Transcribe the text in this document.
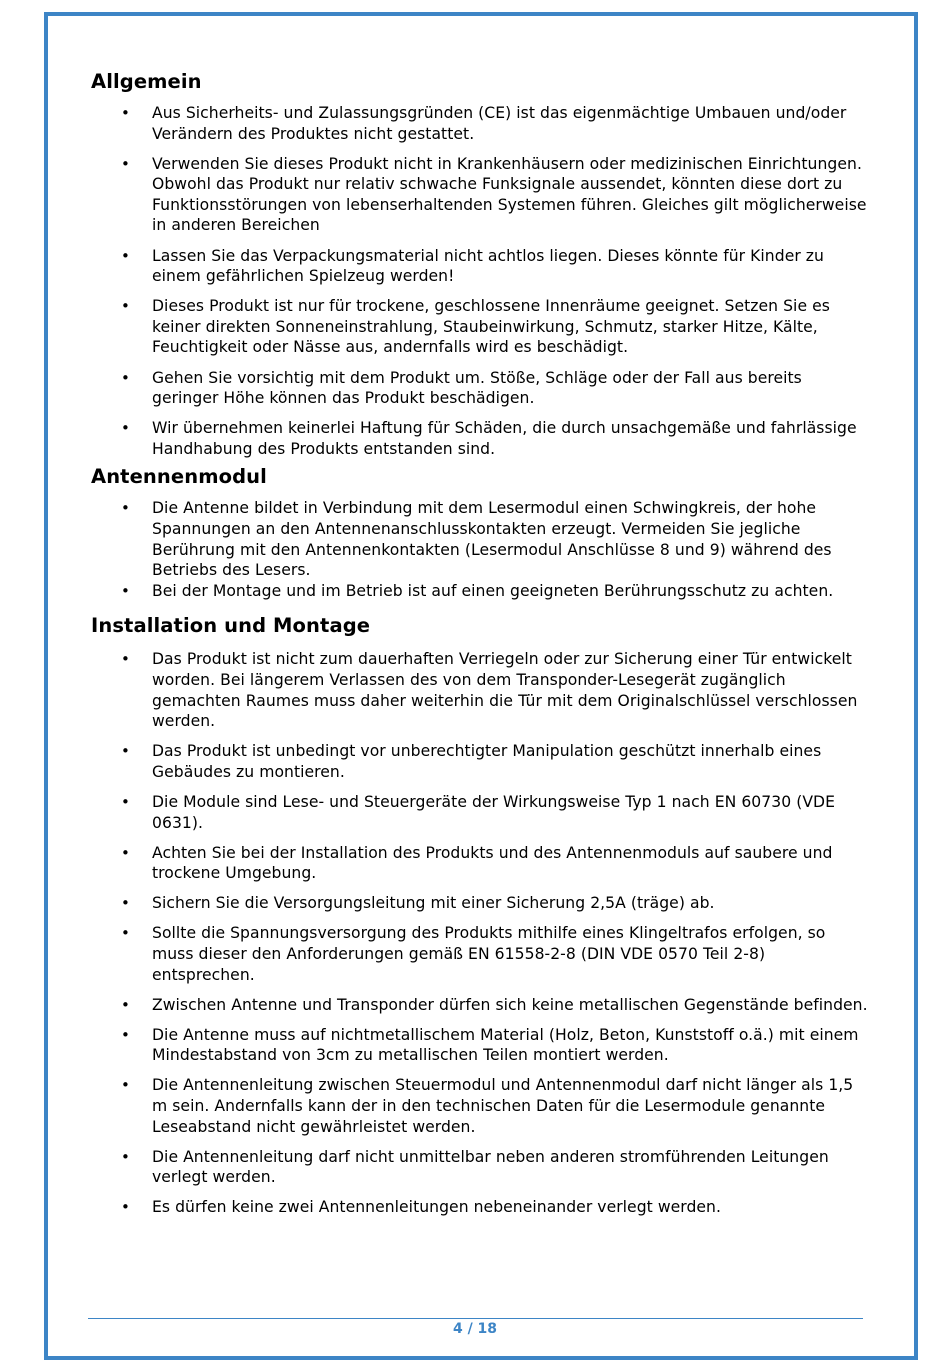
Allgemein
• Aus Sicherheits- und Zulassungsgründen (CE) ist das eigenmächtige Umbauen und/oder Verändern des Produktes nicht gestattet.
• Verwenden Sie dieses Produkt nicht in Krankenhäusern oder medizinischen Einrichtungen. Obwohl das Produkt nur relativ schwache Funksignale aussendet, könnten diese dort zu Funktionsstörungen von lebenserhaltenden Systemen führen. Gleiches gilt möglicherweise in anderen Bereichen
• Lassen Sie das Verpackungsmaterial nicht achtlos liegen. Dieses könnte für Kinder zu einem gefährlichen Spielzeug werden!
• Dieses Produkt ist nur für trockene, geschlossene Innenräume geeignet. Setzen Sie es keiner direkten Sonneneinstrahlung, Staubeinwirkung, Schmutz, starker Hitze, Kälte, Feuchtigkeit oder Nässe aus, andernfalls wird es beschädigt.
• Gehen Sie vorsichtig mit dem Produkt um. Stöße, Schläge oder der Fall aus bereits geringer Höhe können das Produkt beschädigen.
• Wir übernehmen keinerlei Haftung für Schäden, die durch unsachgemäße und fahrlässige Handhabung des Produkts entstanden sind.
Antennenmodul
• Die Antenne bildet in Verbindung mit dem Lesermodul einen Schwingkreis, der hohe Spannungen an den Antennenanschlusskontakten erzeugt. Vermeiden Sie jegliche Berührung mit den Antennenkontakten (Lesermodul Anschlüsse 8 und 9) während des Betriebs des Lesers.
• Bei der Montage und im Betrieb ist auf einen geeigneten Berührungsschutz zu achten.
Installation und Montage
• Das Produkt ist nicht zum dauerhaften Verriegeln oder zur Sicherung einer Tür entwickelt worden. Bei längerem Verlassen des von dem Transponder-Lesegerät zugänglich gemachten Raumes muss daher weiterhin die Tür mit dem Originalschlüssel verschlossen werden.
• Das Produkt ist unbedingt vor unberechtigter Manipulation geschützt innerhalb eines Gebäudes zu montieren.
• Die Module sind Lese- und Steuergeräte der Wirkungsweise Typ 1 nach EN 60730 (VDE 0631).
• Achten Sie bei der Installation des Produkts und des Antennenmoduls auf saubere und trockene Umgebung.
• Sichern Sie die Versorgungsleitung mit einer Sicherung 2,5A (träge) ab.
• Sollte die Spannungsversorgung des Produkts mithilfe eines Klingeltrafos erfolgen, so muss dieser den Anforderungen gemäß EN 61558-2-8 (DIN VDE 0570 Teil 2-8) entsprechen.
• Zwischen Antenne und Transponder dürfen sich keine metallischen Gegenstände befinden.
• Die Antenne muss auf nichtmetallischem Material (Holz, Beton, Kunststoff o.ä.) mit einem Mindestabstand von 3cm zu metallischen Teilen montiert werden.
• Die Antennenleitung zwischen Steuermodul und Antennenmodul darf nicht länger als 1,5 m sein. Andernfalls kann der in den technischen Daten für die Lesermodule genannte Leseabstand nicht gewährleistet werden.
• Die Antennenleitung darf nicht unmittelbar neben anderen stromführenden Leitungen verlegt werden.
• Es dürfen keine zwei Antennenleitungen nebeneinander verlegt werden.
4 / 18
